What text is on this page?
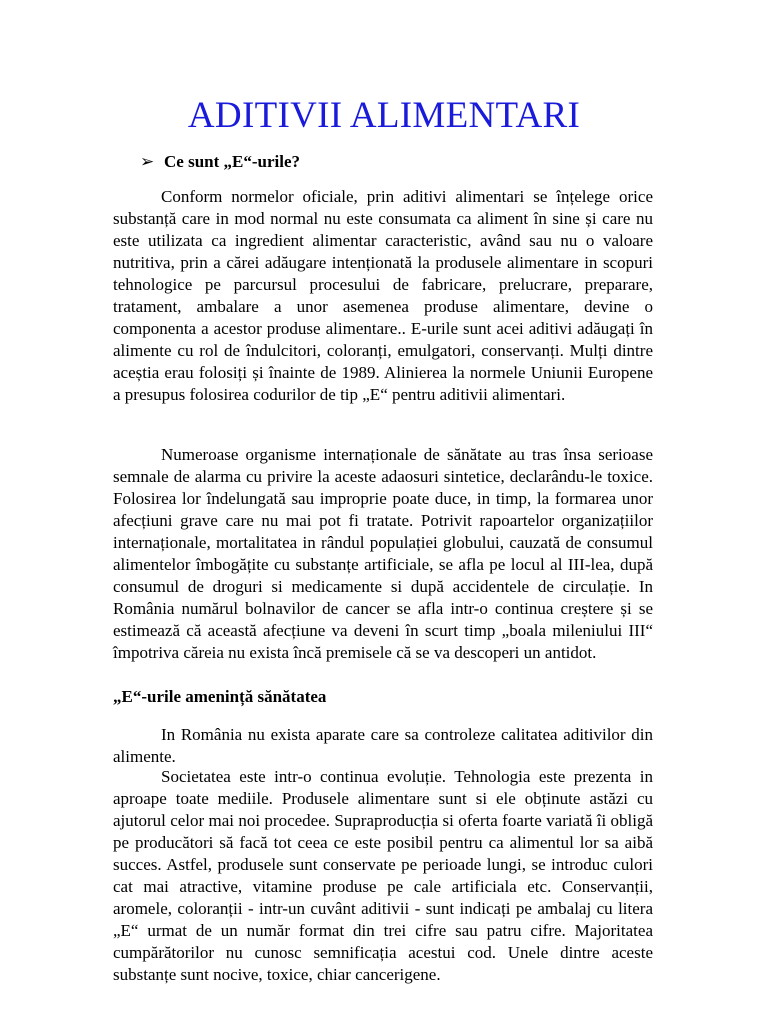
ADITIVII ALIMENTARI

➢ Ce sunt „E“-urile?

Conform normelor oficiale, prin aditivi alimentari se înțelege orice substanță care in mod normal nu este consumata ca aliment în sine și care nu este utilizata ca ingredient alimentar caracteristic, având sau nu o valoare nutritiva, prin a cărei adăugare intenționată la produsele alimentare in scopuri tehnologice pe parcursul procesului de fabricare, prelucrare, preparare, tratament, ambalare a unor asemenea produse alimentare, devine o componenta a acestor produse alimentare.. E-urile sunt acei aditivi adăugați în alimente cu rol de îndulcitori, coloranți, emulgatori, conservanți. Mulți dintre aceștia erau folosiți și înainte de 1989. Alinierea la normele Uniunii Europene a presupus folosirea codurilor de tip „E“ pentru aditivii alimentari.

Numeroase organisme internaționale de sănătate au tras însa serioase semnale de alarma cu privire la aceste adaosuri sintetice, declarându-le toxice. Folosirea lor îndelungată sau improprie poate duce, in timp, la formarea unor afecțiuni grave care nu mai pot fi tratate. Potrivit rapoartelor organizațiilor internaționale, mortalitatea in rândul populației globului, cauzată de consumul alimentelor îmbogățite cu substanțe artificiale, se afla pe locul al III-lea, după consumul de droguri si medicamente si după accidentele de circulație. In România numărul bolnavilor de cancer se afla intr-o continua creștere și se estimează că această afecțiune va deveni în scurt timp „boala mileniului III“ împotriva căreia nu exista încă premisele că se va descoperi un antidot.

„E“-urile amenință sănătatea

In România nu exista aparate care sa controleze calitatea aditivilor din alimente.

Societatea este intr-o continua evoluție. Tehnologia este prezenta in aproape toate mediile. Produsele alimentare sunt si ele obținute astăzi cu ajutorul celor mai noi procedee. Supraproducția si oferta foarte variată îi obligă pe producători să facă tot ceea ce este posibil pentru ca alimentul lor sa aibă succes. Astfel, produsele sunt conservate pe perioade lungi, se introduc culori cat mai atractive, vitamine produse pe cale artificiala etc. Conservanții, aromele, coloranții - intr-un cuvânt aditivii - sunt indicați pe ambalaj cu litera „E“ urmat de un număr format din trei cifre sau patru cifre. Majoritatea cumpărătorilor nu cunosc semnificația acestui cod. Unele dintre aceste substanțe sunt nocive, toxice, chiar cancerigene.
